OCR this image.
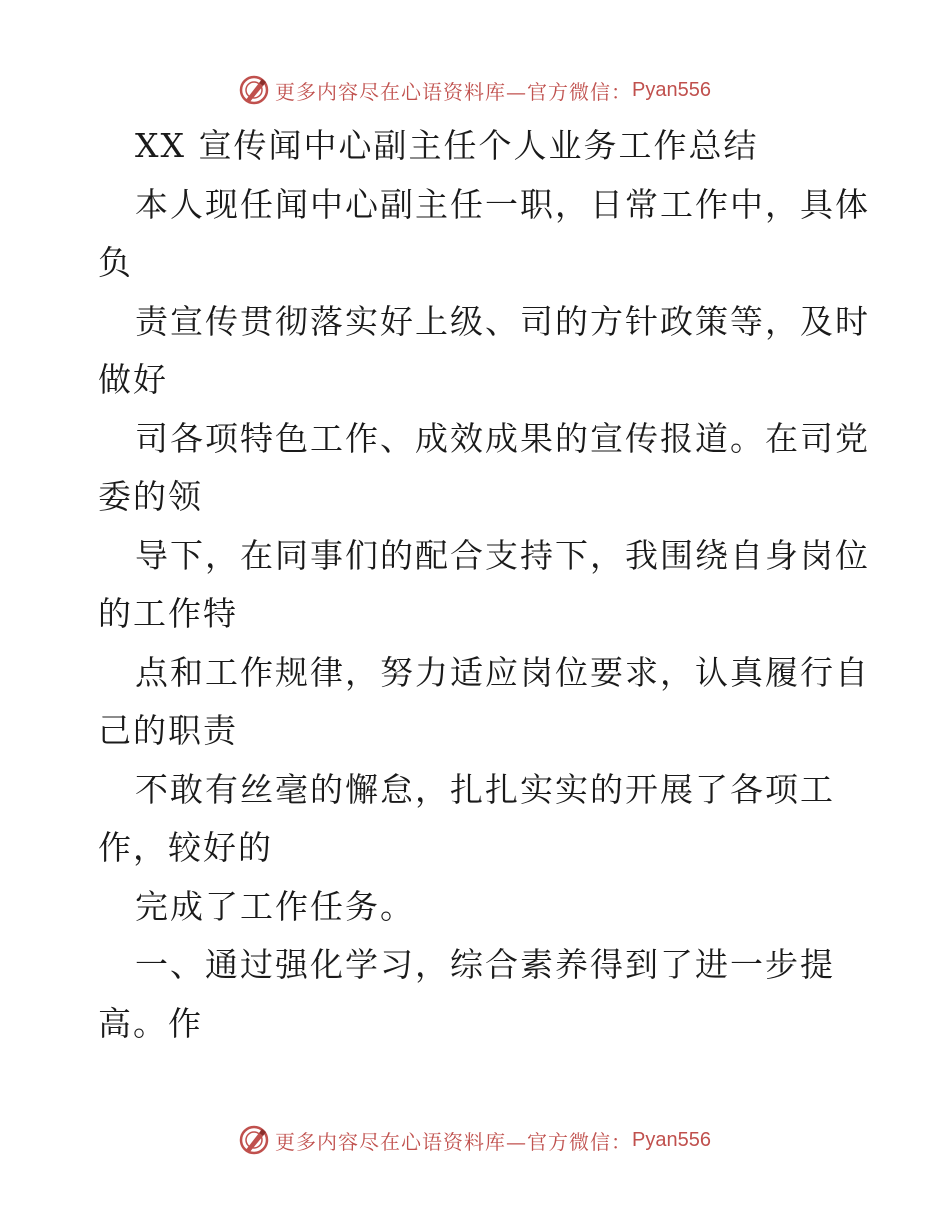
更多内容尽在心语资料库—官方微信： Pyan556
XX 宣传闻中心副主任个人业务工作总结
本人现任闻中心副主任一职，日常工作中，具体
负
责宣传贯彻落实好上级、司的方针政策等，及时
做好
司各项特色工作、成效成果的宣传报道。在司党
委的领
导下，在同事们的配合支持下，我围绕自身岗位
的工作特
点和工作规律，努力适应岗位要求，认真履行自
己的职责
不敢有丝毫的懈怠，扎扎实实的开展了各项工
作，较好的
完成了工作任务。
一、通过强化学习，综合素养得到了进一步提
高。作
更多内容尽在心语资料库—官方微信： Pyan556
